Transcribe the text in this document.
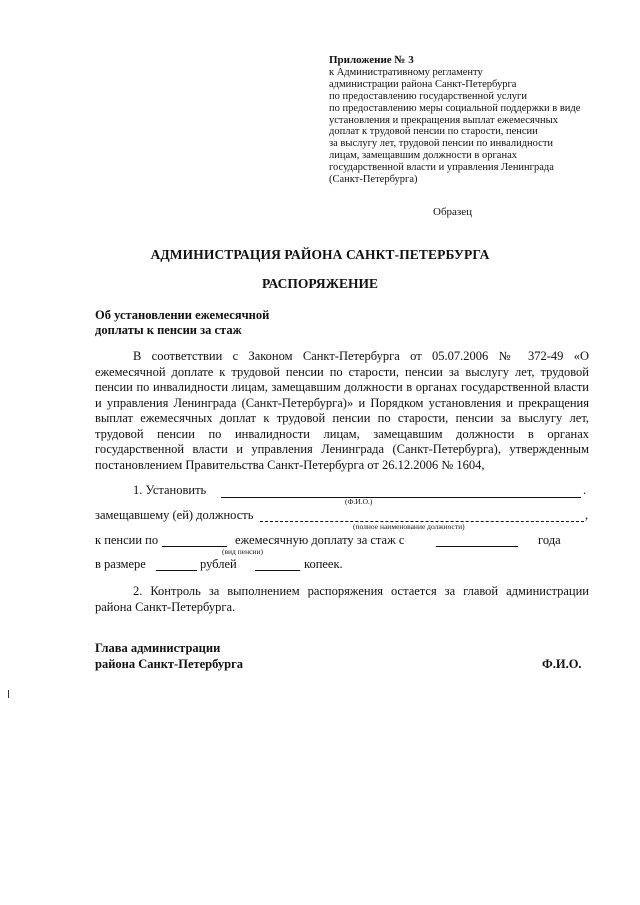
Приложение № 3
к Административному регламенту
администрации района Санкт-Петербурга
по предоставлению государственной услуги
по предоставлению меры социальной поддержки в виде
установления и прекращения выплат ежемесячных
доплат к трудовой пенсии по старости, пенсии
за выслугу лет, трудовой пенсии по инвалидности
лицам, замещавшим должности в органах
государственной власти и управления Ленинграда
(Санкт-Петербурга)
Образец
АДМИНИСТРАЦИЯ РАЙОНА САНКТ-ПЕТЕРБУРГА
РАСПОРЯЖЕНИЕ
Об установлении ежемесячной
доплаты к пенсии за стаж
В соответствии с Законом Санкт-Петербурга от 05.07.2006 № 372-49 «О ежемесячной доплате к трудовой пенсии по старости, пенсии за выслугу лет, трудовой пенсии по инвалидности лицам, замещавшим должности в органах государственной власти и управления Ленинграда (Санкт-Петербурга)» и Порядком установления и прекращения выплат ежемесячных доплат к трудовой пенсии по старости, пенсии за выслугу лет, трудовой пенсии по инвалидности лицам, замещавшим должности в органах государственной власти и управления Ленинграда (Санкт-Петербурга), утвержденным постановлением Правительства Санкт-Петербурга от 26.12.2006 № 1604,
1. Установить	.
(Ф.И.О.)
замещавшему (ей) должность	,
(полное наименование должности)
к пенсии по	ежемесячную доплату за стаж с	года
(вид пенсии)
в размере	рублей	копеек.
2. Контроль за выполнением распоряжения остается за главой администрации района Санкт-Петербурга.
Глава администрации
района Санкт-Петербурга	Ф.И.О.
